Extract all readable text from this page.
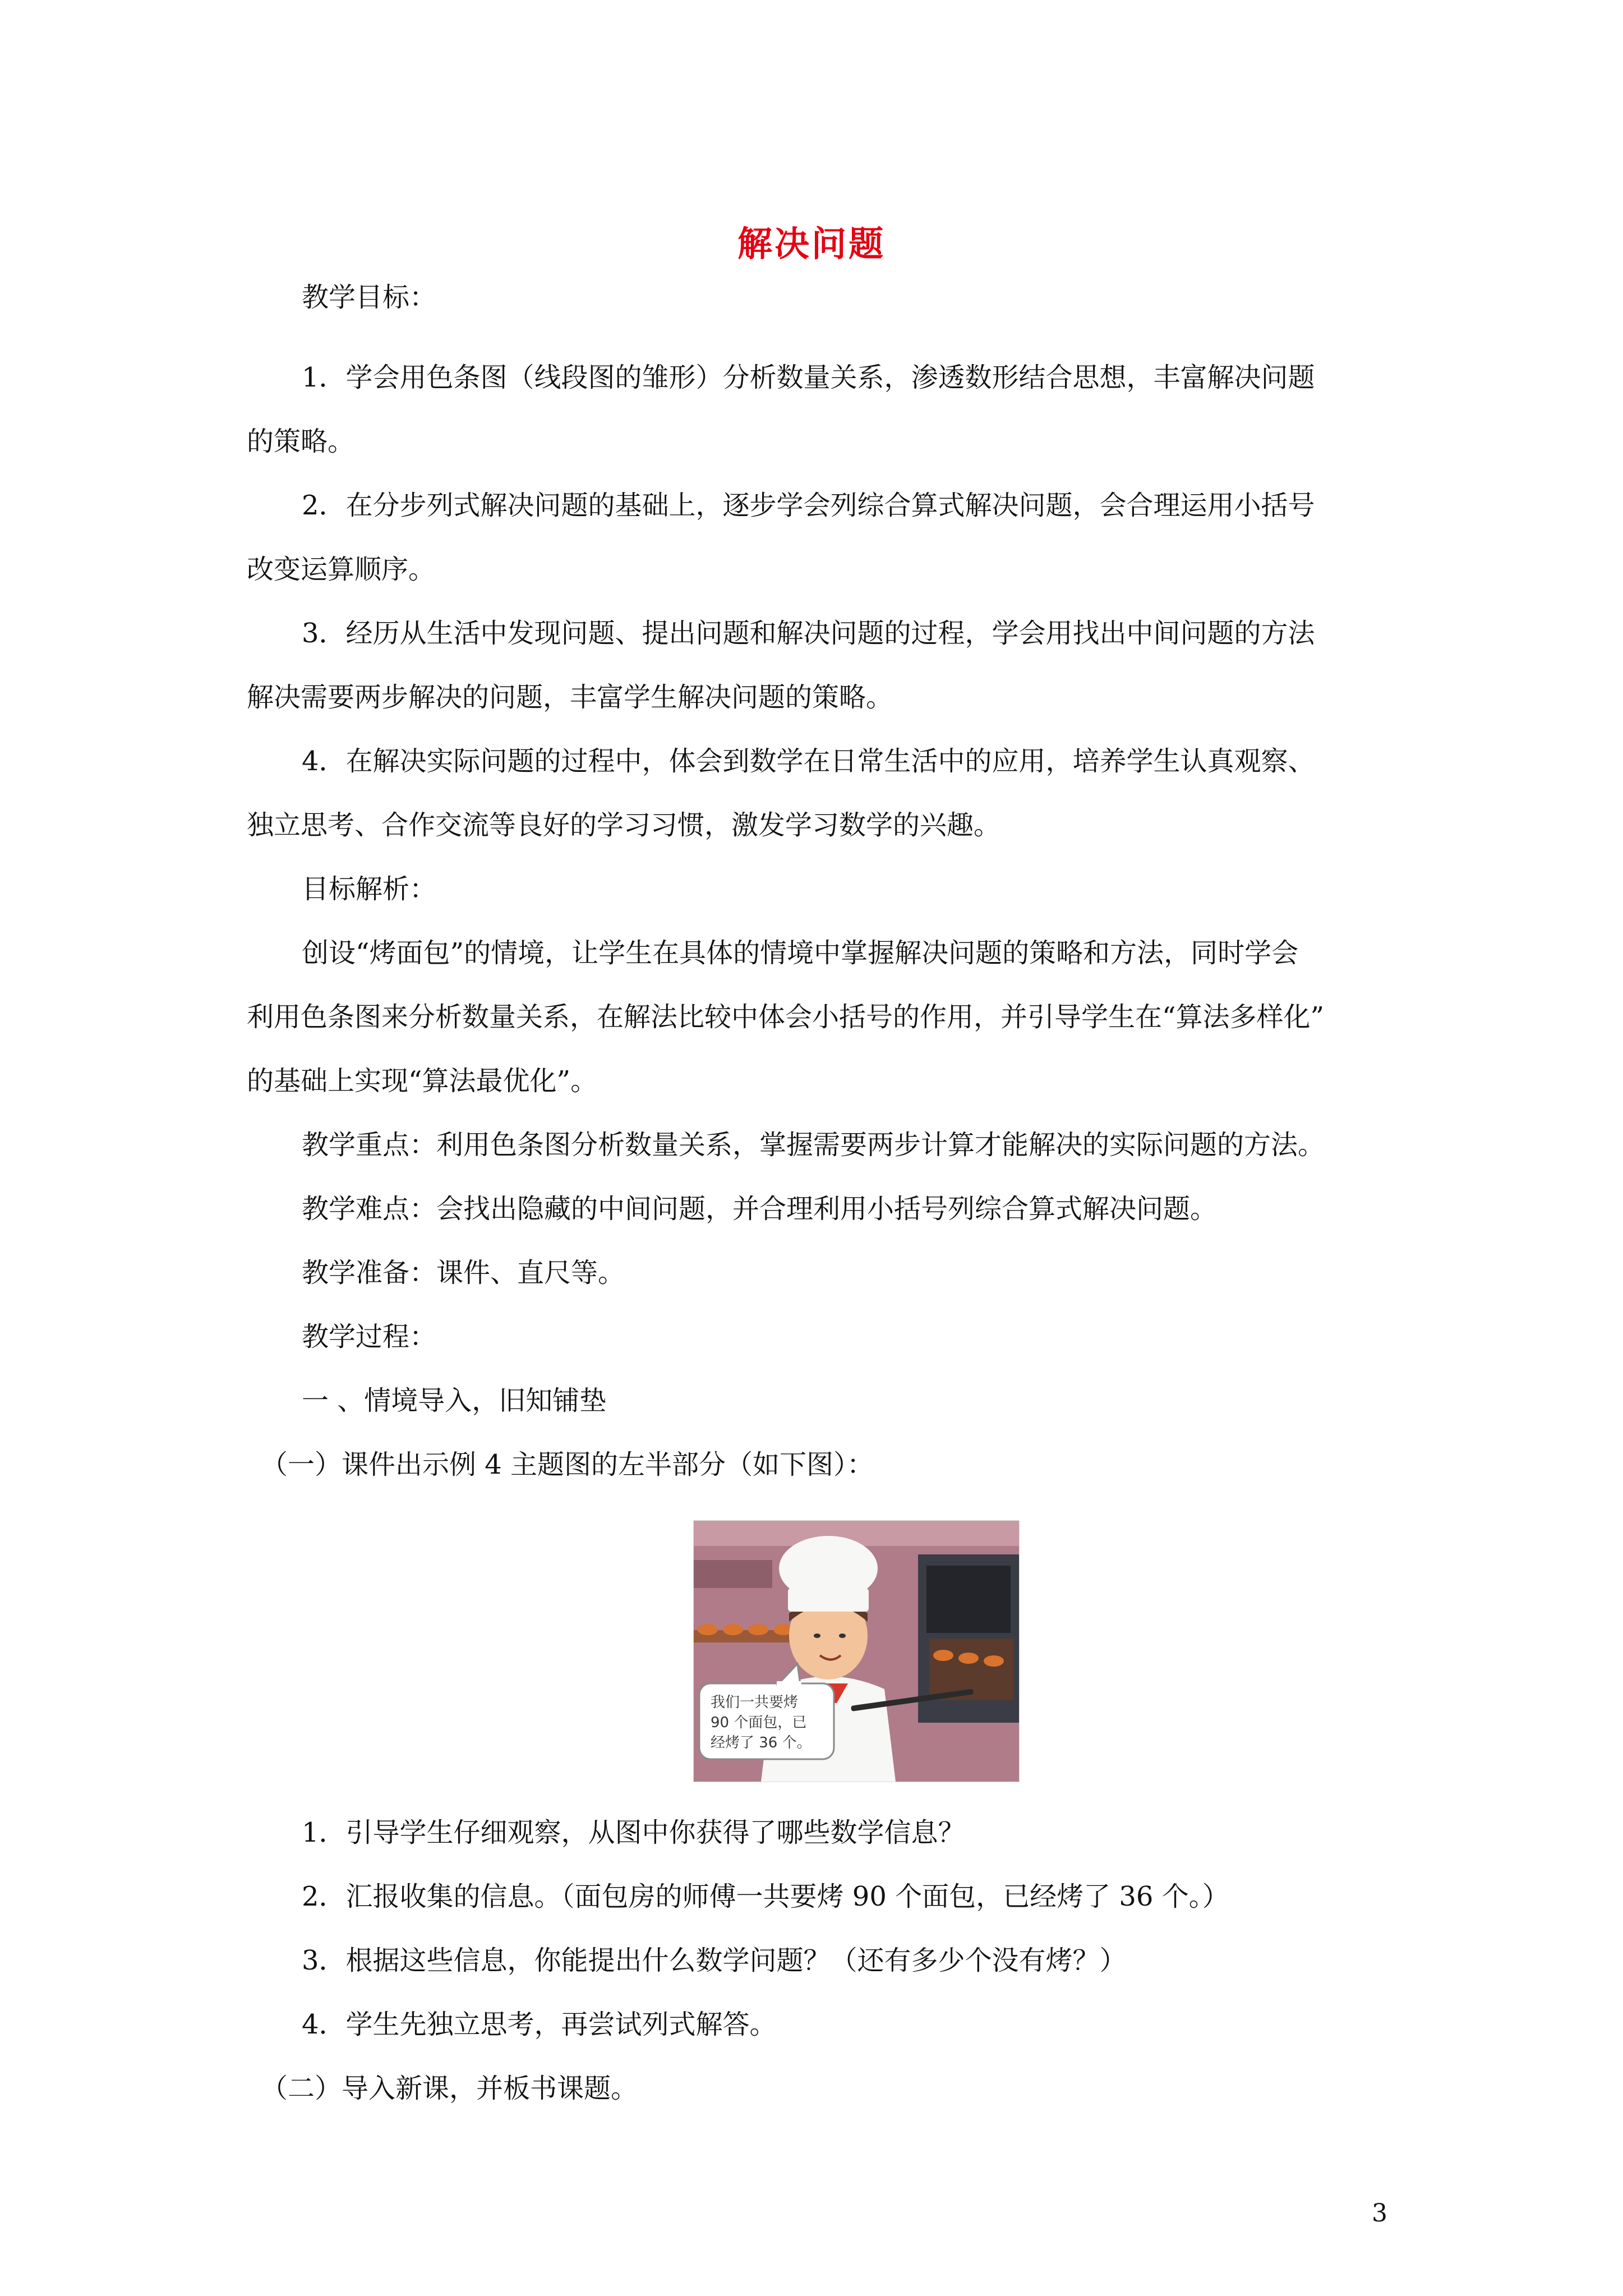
解决问题
教学目标：
1．学会用色条图（线段图的雏形）分析数量关系，渗透数形结合思想，丰富解决问题
的策略。
2．在分步列式解决问题的基础上，逐步学会列综合算式解决问题，会合理运用小括号
改变运算顺序。
3．经历从生活中发现问题、提出问题和解决问题的过程，学会用找出中间问题的方法
解决需要两步解决的问题，丰富学生解决问题的策略。
4．在解决实际问题的过程中，体会到数学在日常生活中的应用，培养学生认真观察、
独立思考、合作交流等良好的学习习惯，激发学习数学的兴趣。
目标解析：
创设“烤面包”的情境，让学生在具体的情境中掌握解决问题的策略和方法，同时学会
利用色条图来分析数量关系，在解法比较中体会小括号的作用，并引导学生在“算法多样化”
的基础上实现“算法最优化”。
教学重点：利用色条图分析数量关系，掌握需要两步计算才能解决的实际问题的方法。
教学难点：会找出隐藏的中间问题，并合理利用小括号列综合算式解决问题。
教学准备：课件、直尺等。
教学过程：
一 、情境导入，旧知铺垫
（一）课件出示例 4 主题图的左半部分（如下图）：
我们一共要烤
90 个面包，已
经烤了 36 个。
1．引导学生仔细观察，从图中你获得了哪些数学信息？
2．汇报收集的信息。（面包房的师傅一共要烤 90 个面包，已经烤了 36 个。）
3．根据这些信息，你能提出什么数学问题？（还有多少个没有烤？）
4．学生先独立思考，再尝试列式解答。
（二）导入新课，并板书课题。
3
